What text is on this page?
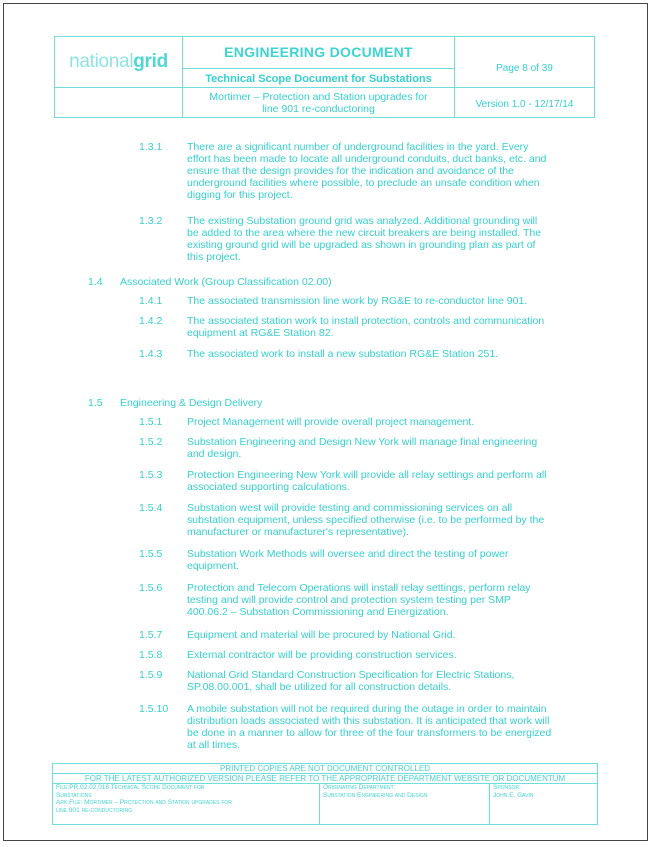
nationalgrid	ENGINEERING DOCUMENT	Page 8 of 39
	Technical Scope Document for Substations	

	Mortimer – Protection and Station upgrades for
line 901 re-conductoring	Version 1.0 - 12/17/14
1.3.1 There are a significant number of underground facilities in the yard. Every
effort has been made to locate all underground conduits, duct banks, etc. and
ensure that the design provides for the indication and avoidance of the
underground facilities where possible, to preclude an unsafe condition when
digging for this project.
1.3.2 The existing Substation ground grid was analyzed. Additional grounding will
be added to the area where the new circuit breakers are being installed. The
existing ground grid will be upgraded as shown in grounding plan as part of
this project.
1.4 Associated Work (Group Classification 02.00)
1.4.1 The associated transmission line work by RG&E to re-conductor line 901.
1.4.2 The associated station work to install protection, controls and communication
equipment at RG&E Station 82.
1.4.3 The associated work to install a new substation RG&E Station 251.
1.5 Engineering & Design Delivery
1.5.1 Project Management will provide overall project management.
1.5.2 Substation Engineering and Design New York will manage final engineering
and design.
1.5.3 Protection Engineering New York will provide all relay settings and perform all
associated supporting calculations.
1.5.4 Substation west will provide testing and commissioning services on all
substation equipment, unless specified otherwise (i.e. to be performed by the
manufacturer or manufacturer's representative).
1.5.5 Substation Work Methods will oversee and direct the testing of power
equipment.
1.5.6 Protection and Telecom Operations will install relay settings, perform relay
testing and will provide control and protection system testing per SMP
400.06.2 – Substation Commissioning and Energization.
1.5.7 Equipment and material will be procured by National Grid.
1.5.8 External contractor will be providing construction services.
1.5.9 National Grid Standard Construction Specification for Electric Stations,
SP.08.00.001, shall be utilized for all construction details.
1.5.10 A mobile substation will not be required during the outage in order to maintain
distribution loads associated with this substation. It is anticipated that work will
be done in a manner to allow for three of the four transformers to be energized
at all times.
PRINTED COPIES ARE NOT DOCUMENT CONTROLLED
FOR THE LATEST AUTHORIZED VERSION PLEASE REFER TO THE APPROPRIATE DEPARTMENT WEBSITE OR DOCUMENTUM

File:PR.02.02.018 Technical Scope Document for
Substations
Ark File: Mortimer – Protection and Station upgrades for
line 901 re-conductoring

Originating Department:
Substation Engineering and Design

Sponsor:
John E. Gavin
